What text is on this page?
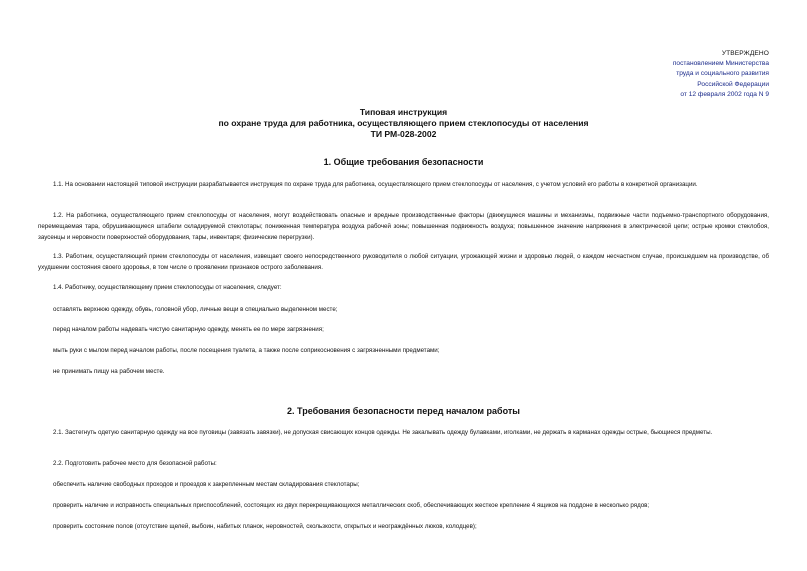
УТВЕРЖДЕНО
постановлением Министерства
труда и социального развития
Российской Федерации
от 12 февраля 2002 года N 9
Типовая инструкция
по охране труда для работника, осуществляющего прием стеклопосуды от населения
ТИ РМ-028-2002
1. Общие требования безопасности
1.1. На основании настоящей типовой инструкции разрабатывается инструкция по охране труда для работника, осуществляющего прием стеклопосуды от населения, с учетом условий его работы в конкретной организации.
1.2. На работника, осуществляющего прием стеклопосуды от населения, могут воздействовать опасные и вредные производственные факторы (движущиеся машины и механизмы, подвижные части подъемно-транспортного оборудования, перемещаемая тара, обрушивающиеся штабели складируемой стеклотары; пониженная температура воздуха рабочей зоны; повышенная подвижность воздуха; повышенное значение напряжения в электрической цепи; острые кромки стеклобоя, заусенцы и неровности поверхностей оборудования, тары, инвентаря; физические перегрузки).
1.3. Работник, осуществляющий прием стеклопосуды от населения, извещает своего непосредственного руководителя о любой ситуации, угрожающей жизни и здоровью людей, о каждом несчастном случае, происшедшем на производстве, об ухудшении состояния своего здоровья, в том числе о проявлении признаков острого заболевания.
1.4. Работнику, осуществляющему прием стеклопосуды от населения, следует:
оставлять верхнюю одежду, обувь, головной убор, личные вещи в специально выделенном месте;
перед началом работы надевать чистую санитарную одежду, менять ее по мере загрязнения;
мыть руки с мылом перед началом работы, после посещения туалета, а также после соприкосновения с загрязненными предметами;
не принимать пищу на рабочем месте.
2. Требования безопасности перед началом работы
2.1. Застегнуть одетую санитарную одежду на все пуговицы (завязать завязки), не допуская свисающих концов одежды. Не закалывать одежду булавками, иголками, не держать в карманах одежды острые, бьющиеся предметы.
2.2. Подготовить рабочее место для безопасной работы:
обеспечить наличие свободных проходов и проездов к закрепленным местам складирования стеклотары;
проверить наличие и исправность специальных приспособлений, состоящих из двух перекрещивающихся металлических скоб, обеспечивающих жесткое крепление 4 ящиков на поддоне в несколько рядов;
проверить состояние полов (отсутствие щелей, выбоин, набитых планок, неровностей, скользкости, открытых и неограждённых люков, колодцев);
